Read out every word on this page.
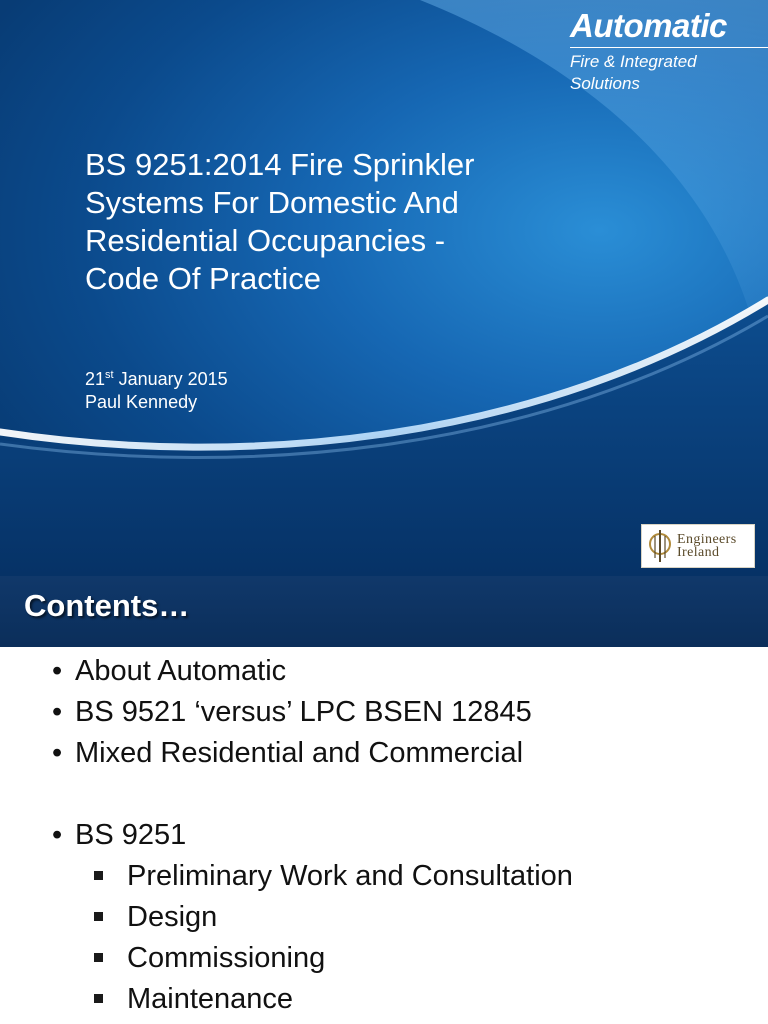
Automatic
Fire & Integrated
Solutions
BS 9251:2014 Fire Sprinkler
Systems For Domestic And
Residential Occupancies -
Code Of Practice
21st January 2015
Paul Kennedy
Engineers
Ireland
Contents…
• About Automatic
• BS 9521 ‘versus’ LPC BSEN 12845
• Mixed Residential and Commercial
• BS 9251
Preliminary Work and Consultation
Design
Commissioning
Maintenance
